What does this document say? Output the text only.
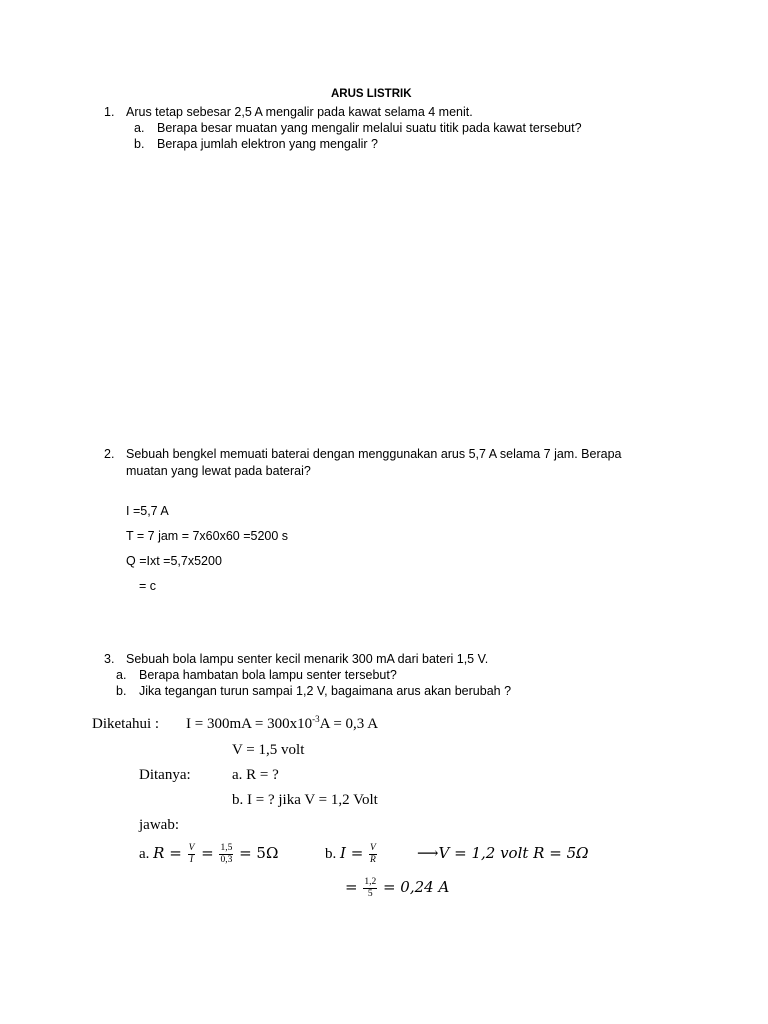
ARUS LISTRIK
1. Arus tetap sebesar 2,5 A mengalir pada kawat selama 4 menit.
a. Berapa besar muatan yang mengalir melalui suatu titik pada kawat tersebut?
b. Berapa jumlah elektron yang mengalir ?
2. Sebuah bengkel memuati baterai dengan menggunakan arus 5,7 A selama 7 jam. Berapa
muatan yang lewat pada baterai?
I =5,7 A
T = 7 jam = 7x60x60 =5200 s
Q =Ixt =5,7x5200
= c
3. Sebuah bola lampu senter kecil menarik 300 mA dari bateri 1,5 V.
a. Berapa hambatan bola lampu senter tersebut?
b. Jika tegangan turun sampai 1,2 V, bagaimana arus akan berubah ?
Diketahui : $I = 300mA = 300x10^{-3}A = 0,3$ A
V = 1,5 volt
Ditanya:	a. R = ?
b. I = ? jika V = 1,2 Volt
jawab:
a. $R = \frac{V}{I} = \frac{1,5}{0,3} = 5\Omega$	b. $I = \frac{V}{R}$	⟶V = 1,2 volt R = 5Ω
= $\frac{1,2}{5} = 0,24$ A
